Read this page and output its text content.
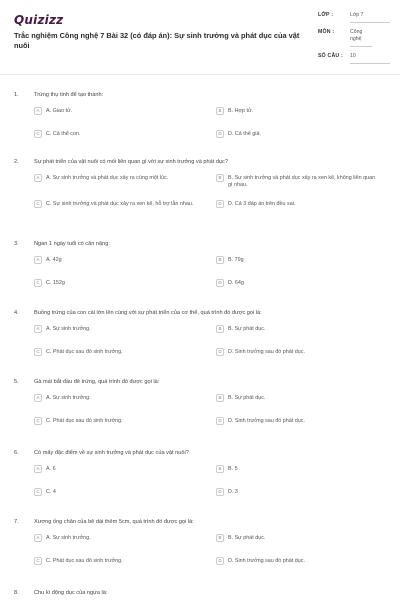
Quizizz
Trắc nghiệm Công nghệ 7 Bài 32 (có đáp án): Sự sinh trưởng và phát dục của vật nuôi
LỚP :	Lớp 7
MÔN :	Công nghệ
SỐ CÂU :	10
1.	Trứng thụ tinh để tạo thành:
A	A. Giao tử.	B	B. Hợp tử.
C	C. Cả thể con.	D	D. Cả thể giả.
2.	Sự phát triển của vật nuôi có mối liên quan gì với sự sinh trưởng và phát dục?
A	A. Sự sinh trưởng và phát dục xảy ra cùng một lúc.	B	B. Sự sinh trưởng và phát dục xảy ra xen kẽ, không liên quan gì nhau.
C	C. Sự sinh trưởng và phát dục xảy ra xen kẽ, hỗ trợ lẫn nhau.	D	D. Cả 3 đáp án trên đều sai.
3.	Ngan 1 ngày tuổi có cân nặng:
A	A. 42g	B	B. 79g
C	C. 152g	D	D. 64g
4.	Buồng trứng của con cái lớn lên cùng với sự phát triển của cơ thể, quá trình đó được gọi là:
A	A. Sự sinh trưởng.	B	B. Sự phát dục.
C	C. Phát dục sau đó sinh trưởng.	D	D. Sinh trưởng sau đó phát dục.
5.	Gà mái bắt đầu đẻ trứng, quá trình đó được gọi là:
A	A. Sự sinh trưởng.	B	B. Sự phát dục.
C	C. Phát dục sau đó sinh trưởng.	D	D. Sinh trưởng sau đó phát dục.
6.	Có mấy đặc điểm về sự sinh trưởng và phát dục của vật nuôi?
A	A. 6	B	B. 5
C	C. 4	D	D. 3
7.	Xương ống chân của bê dài thêm 5cm, quá trình đó được gọi là:
A	A. Sự sinh trưởng.	B	B. Sự phát dục.
C	C. Phát dục sau đó sinh trưởng.	D	D. Sinh trưởng sau đó phát dục.
8.	Chu kì động dục của ngựa là:
